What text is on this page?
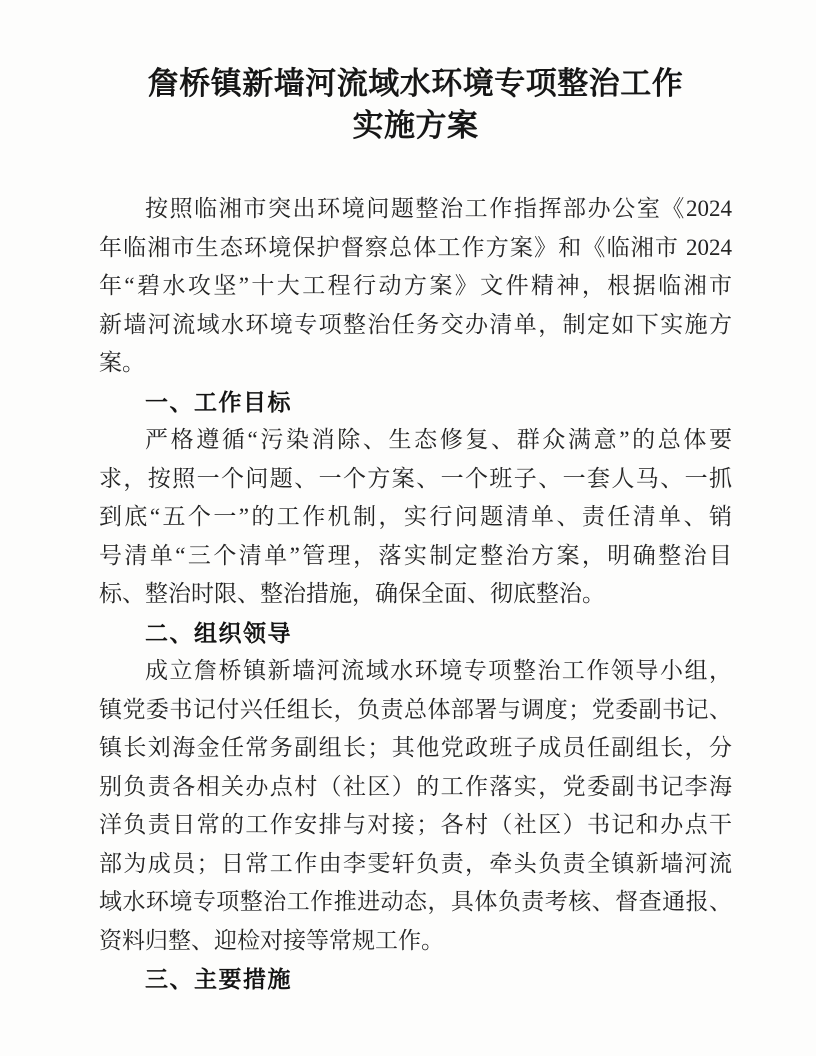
詹桥镇新墙河流域水环境专项整治工作
实施方案
按照临湘市突出环境问题整治工作指挥部办公室《2024
年临湘市生态环境保护督察总体工作方案》和《临湘市 2024
年“碧水攻坚”十大工程行动方案》文件精神，根据临湘市
新墙河流域水环境专项整治任务交办清单，制定如下实施方
案。
一、工作目标
严格遵循“污染消除、生态修复、群众满意”的总体要
求，按照一个问题、一个方案、一个班子、一套人马、一抓
到底“五个一”的工作机制，实行问题清单、责任清单、销
号清单“三个清单”管理，落实制定整治方案，明确整治目
标、整治时限、整治措施，确保全面、彻底整治。
二、组织领导
成立詹桥镇新墙河流域水环境专项整治工作领导小组，
镇党委书记付兴任组长，负责总体部署与调度；党委副书记、
镇长刘海金任常务副组长；其他党政班子成员任副组长，分
别负责各相关办点村（社区）的工作落实，党委副书记李海
洋负责日常的工作安排与对接；各村（社区）书记和办点干
部为成员；日常工作由李雯轩负责，牵头负责全镇新墙河流
域水环境专项整治工作推进动态，具体负责考核、督查通报、
资料归整、迎检对接等常规工作。
三、主要措施
